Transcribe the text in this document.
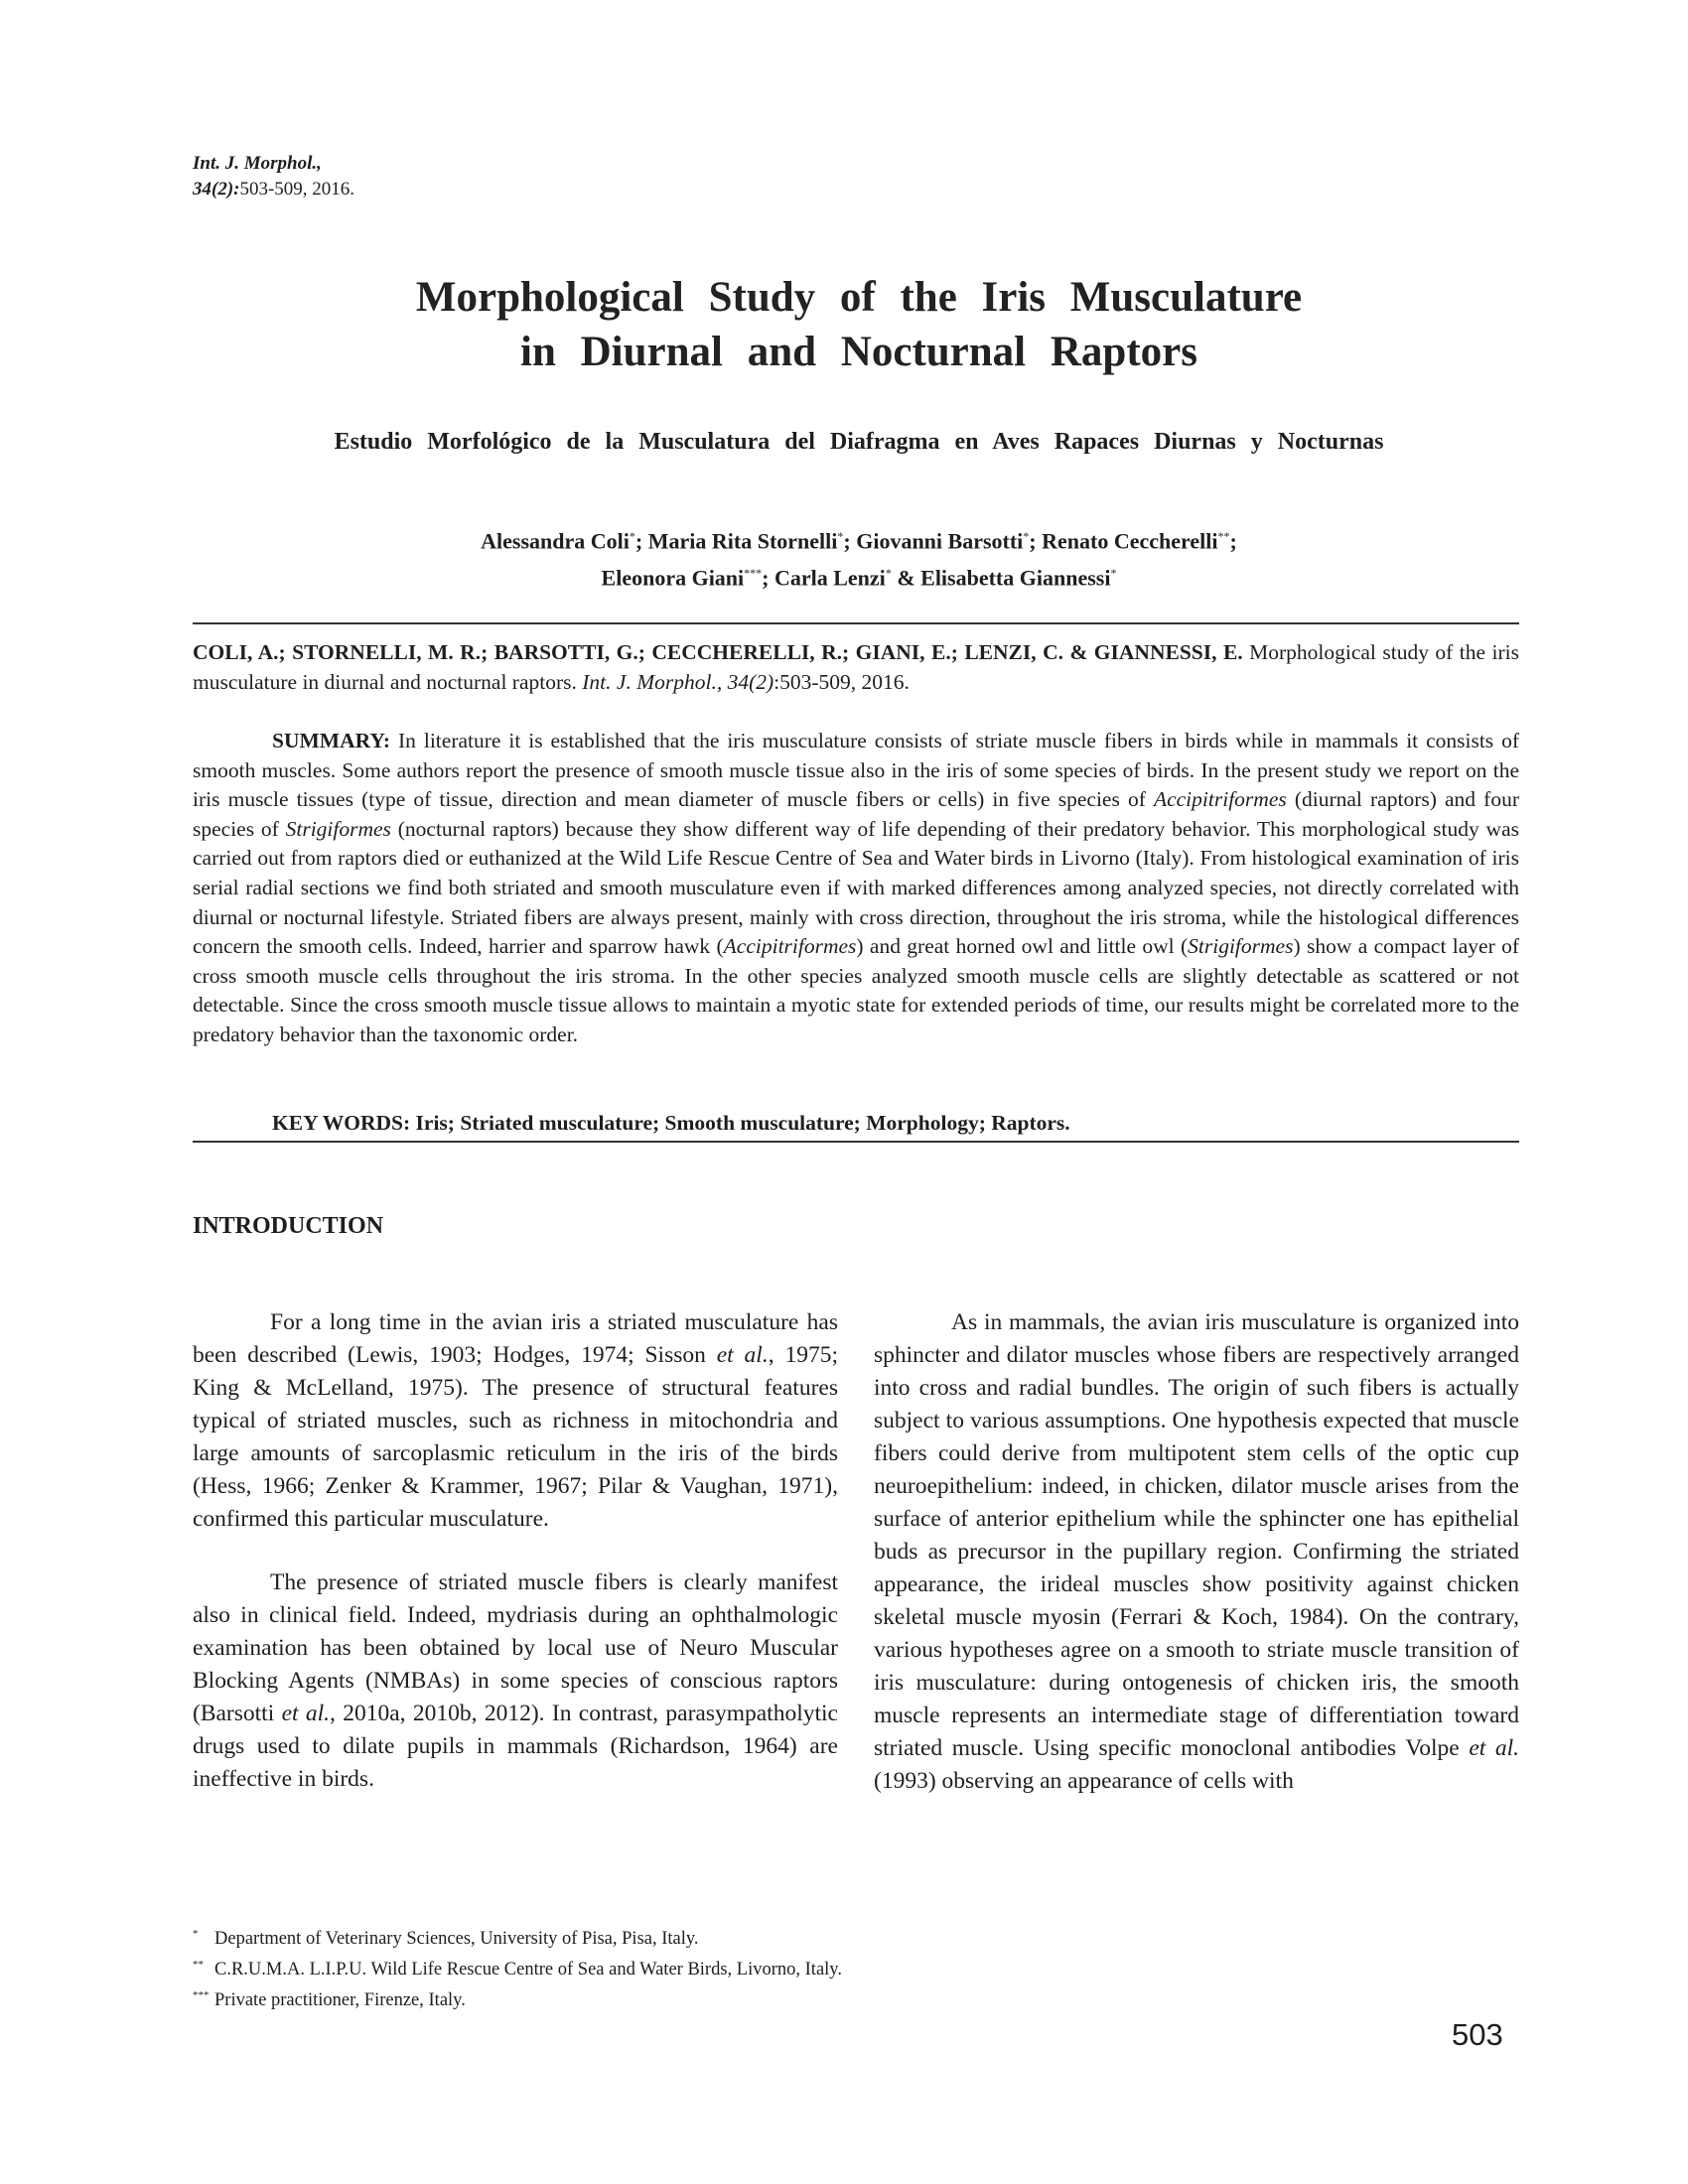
Int. J. Morphol.,
34(2):503-509, 2016.
Morphological Study of the Iris Musculature
in Diurnal and Nocturnal Raptors
Estudio Morfológico de la Musculatura del Diafragma en Aves Rapaces Diurnas y Nocturnas
Alessandra Coli*; Maria Rita Stornelli*; Giovanni Barsotti*; Renato Ceccherelli**;
Eleonora Giani***; Carla Lenzi* & Elisabetta Giannessi*
COLI, A.; STORNELLI, M. R.; BARSOTTI, G.; CECCHERELLI, R.; GIANI, E.; LENZI, C. & GIANNESSI, E. Morphological study of the iris musculature in diurnal and nocturnal raptors. Int. J. Morphol., 34(2):503-509, 2016.
SUMMARY: In literature it is established that the iris musculature consists of striate muscle fibers in birds while in mammals it consists of smooth muscles. Some authors report the presence of smooth muscle tissue also in the iris of some species of birds. In the present study we report on the iris muscle tissues (type of tissue, direction and mean diameter of muscle fibers or cells) in five species of Accipitriformes (diurnal raptors) and four species of Strigiformes (nocturnal raptors) because they show different way of life depending of their predatory behavior. This morphological study was carried out from raptors died or euthanized at the Wild Life Rescue Centre of Sea and Water birds in Livorno (Italy). From histological examination of iris serial radial sections we find both striated and smooth musculature even if with marked differences among analyzed species, not directly correlated with diurnal or nocturnal lifestyle. Striated fibers are always present, mainly with cross direction, throughout the iris stroma, while the histological differences concern the smooth cells. Indeed, harrier and sparrow hawk (Accipitriformes) and great horned owl and little owl (Strigiformes) show a compact layer of cross smooth muscle cells throughout the iris stroma. In the other species analyzed smooth muscle cells are slightly detectable as scattered or not detectable. Since the cross smooth muscle tissue allows to maintain a myotic state for extended periods of time, our results might be correlated more to the predatory behavior than the taxonomic order.
KEY WORDS: Iris; Striated musculature; Smooth musculature; Morphology; Raptors.
INTRODUCTION

For a long time in the avian iris a striated musculature has been described (Lewis, 1903; Hodges, 1974; Sisson et al., 1975; King & McLelland, 1975). The presence of structural features typical of striated muscles, such as richness in mitochondria and large amounts of sarcoplasmic reticulum in the iris of the birds (Hess, 1966; Zenker & Krammer, 1967; Pilar & Vaughan, 1971), confirmed this particular musculature.

The presence of striated muscle fibers is clearly manifest also in clinical field. Indeed, mydriasis during an ophthalmologic examination has been obtained by local use of Neuro Muscular Blocking Agents (NMBAs) in some species of conscious raptors (Barsotti et al., 2010a, 2010b, 2012). In contrast, parasympatholytic drugs used to dilate pupils in mammals (Richardson, 1964) are ineffective in birds.

As in mammals, the avian iris musculature is organized into sphincter and dilator muscles whose fibers are respectively arranged into cross and radial bundles. The origin of such fibers is actually subject to various assumptions. One hypothesis expected that muscle fibers could derive from multipotent stem cells of the optic cup neuroepithelium: indeed, in chicken, dilator muscle arises from the surface of anterior epithelium while the sphincter one has epithelial buds as precursor in the pupillary region. Confirming the striated appearance, the irideal muscles show positivity against chicken skeletal muscle myosin (Ferrari & Koch, 1984). On the contrary, various hypotheses agree on a smooth to striate muscle transition of iris musculature: during ontogenesis of chicken iris, the smooth muscle represents an intermediate stage of differentiation toward striated muscle. Using specific monoclonal antibodies Volpe et al. (1993) observing an appearance of cells with

* Department of Veterinary Sciences, University of Pisa, Pisa, Italy.
** C.R.U.M.A. L.I.P.U. Wild Life Rescue Centre of Sea and Water Birds, Livorno, Italy.
*** Private practitioner, Firenze, Italy.
503
